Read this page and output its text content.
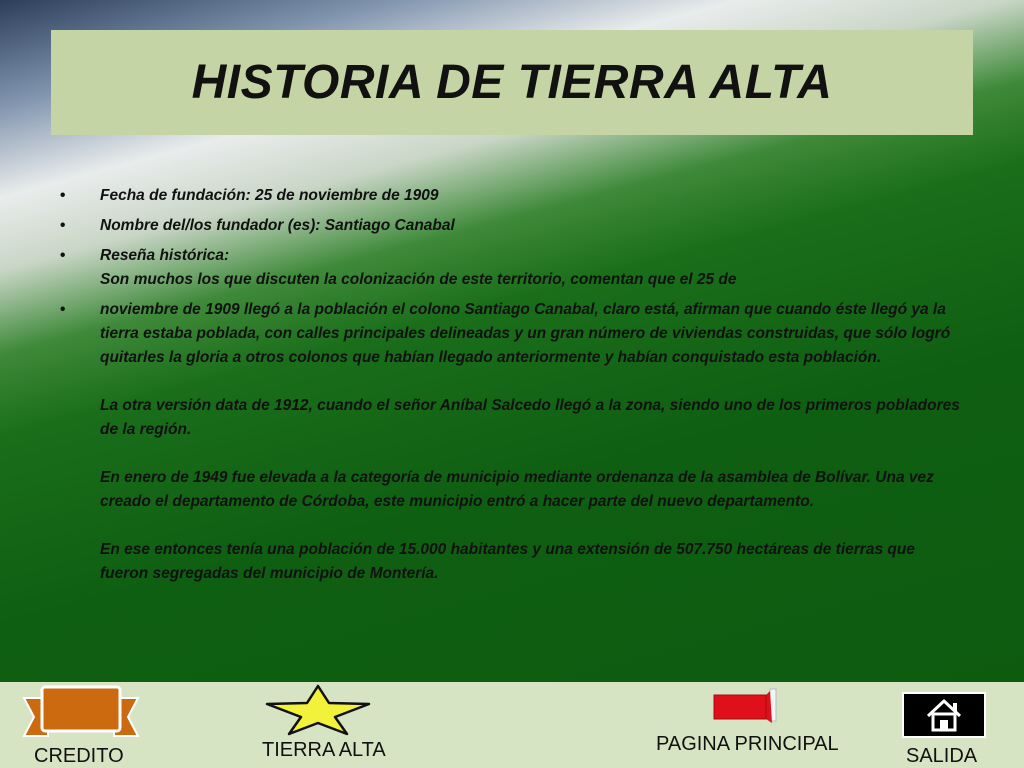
HISTORIA DE TIERRA ALTA
•	Fecha de fundación: 25 de noviembre de 1909
•	Nombre del/los fundador (es): Santiago Canabal
•	Reseña histórica:
Son muchos los que discuten la colonización de este territorio, comentan que el 25 de
•	noviembre de 1909 llegó a la población el colono Santiago Canabal, claro está, afirman que cuando éste llegó ya la tierra estaba poblada, con calles principales delineadas y un gran número de viviendas construidas, que sólo logró quitarles la gloria a otros colonos que habían llegado anteriormente y habían conquistado esta población.

La otra versión data de 1912, cuando el señor Aníbal Salcedo llegó a la zona, siendo uno de los primeros pobladores de la región.

En enero de 1949 fue elevada a la categoría de municipio mediante ordenanza de la asamblea de Bolívar. Una vez creado el departamento de Córdoba, este municipio entró a hacer parte del nuevo departamento.

En ese entonces tenía una población de 15.000 habitantes y una extensión de 507.750 hectáreas de tierras que fueron segregadas del municipio de Montería.

CREDITO	TIERRA ALTA	PAGINA PRINCIPAL
SALIDA
